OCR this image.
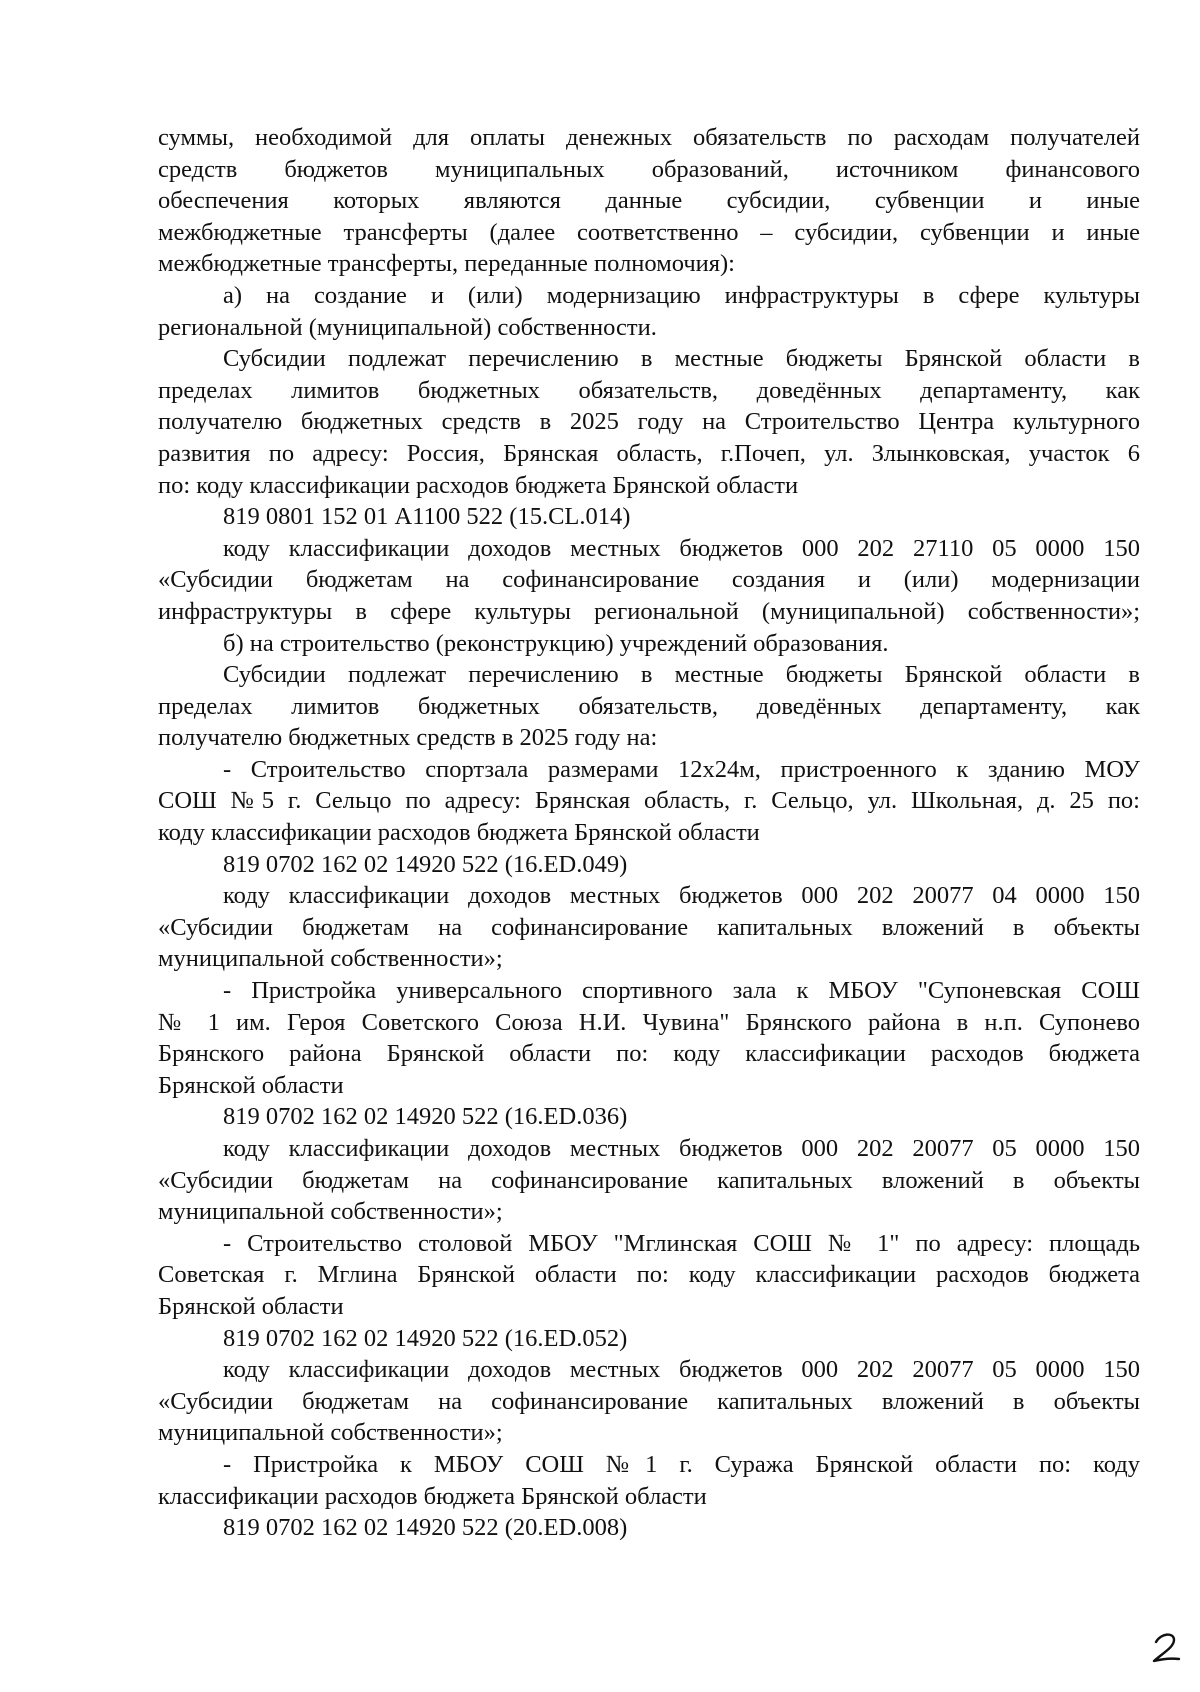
суммы, необходимой для оплаты денежных обязательств по расходам получателей
средств бюджетов муниципальных образований, источником финансового
обеспечения которых являются данные субсидии, субвенции и иные
межбюджетные трансферты (далее соответственно – субсидии, субвенции и иные
межбюджетные трансферты, переданные полномочия):
а) на создание и (или) модернизацию инфраструктуры в сфере культуры
региональной (муниципальной) собственности.
Субсидии подлежат перечислению в местные бюджеты Брянской области в
пределах лимитов бюджетных обязательств, доведённых департаменту, как
получателю бюджетных средств в 2025 году на Строительство Центра культурного
развития по адресу: Россия, Брянская область, г.Почеп, ул. Злынковская, участок 6
по: коду классификации расходов бюджета Брянской области
819 0801 152 01 А1100 522 (15.CL.014)
коду классификации доходов местных бюджетов 000 202 27110 05 0000 150
«Субсидии бюджетам на софинансирование создания и (или) модернизации
инфраструктуры в сфере культуры региональной (муниципальной) собственности»;
б) на строительство (реконструкцию) учреждений образования.
Субсидии подлежат перечислению в местные бюджеты Брянской области в
пределах лимитов бюджетных обязательств, доведённых департаменту, как
получателю бюджетных средств в 2025 году на:
- Строительство спортзала размерами 12х24м, пристроенного к зданию МОУ
СОШ №5 г. Сельцо по адресу: Брянская область, г. Сельцо, ул. Школьная, д. 25 по:
коду классификации расходов бюджета Брянской области
819 0702 162 02 14920 522 (16.ED.049)
коду классификации доходов местных бюджетов 000 202 20077 04 0000 150
«Субсидии бюджетам на софинансирование капитальных вложений в объекты
муниципальной собственности»;
- Пристройка универсального спортивного зала к МБОУ "Супоневская СОШ
№ 1 им. Героя Советского Союза Н.И. Чувина" Брянского района в н.п. Супонево
Брянского района Брянской области по: коду классификации расходов бюджета
Брянской области
819 0702 162 02 14920 522 (16.ED.036)
коду классификации доходов местных бюджетов 000 202 20077 05 0000 150
«Субсидии бюджетам на софинансирование капитальных вложений в объекты
муниципальной собственности»;
- Строительство столовой МБОУ "Мглинская СОШ № 1" по адресу: площадь
Советская г. Мглина Брянской области по: коду классификации расходов бюджета
Брянской области
819 0702 162 02 14920 522 (16.ED.052)
коду классификации доходов местных бюджетов 000 202 20077 05 0000 150
«Субсидии бюджетам на софинансирование капитальных вложений в объекты
муниципальной собственности»;
- Пристройка к МБОУ СОШ №1 г. Суража Брянской области по: коду
классификации расходов бюджета Брянской области
819 0702 162 02 14920 522 (20.ED.008)
